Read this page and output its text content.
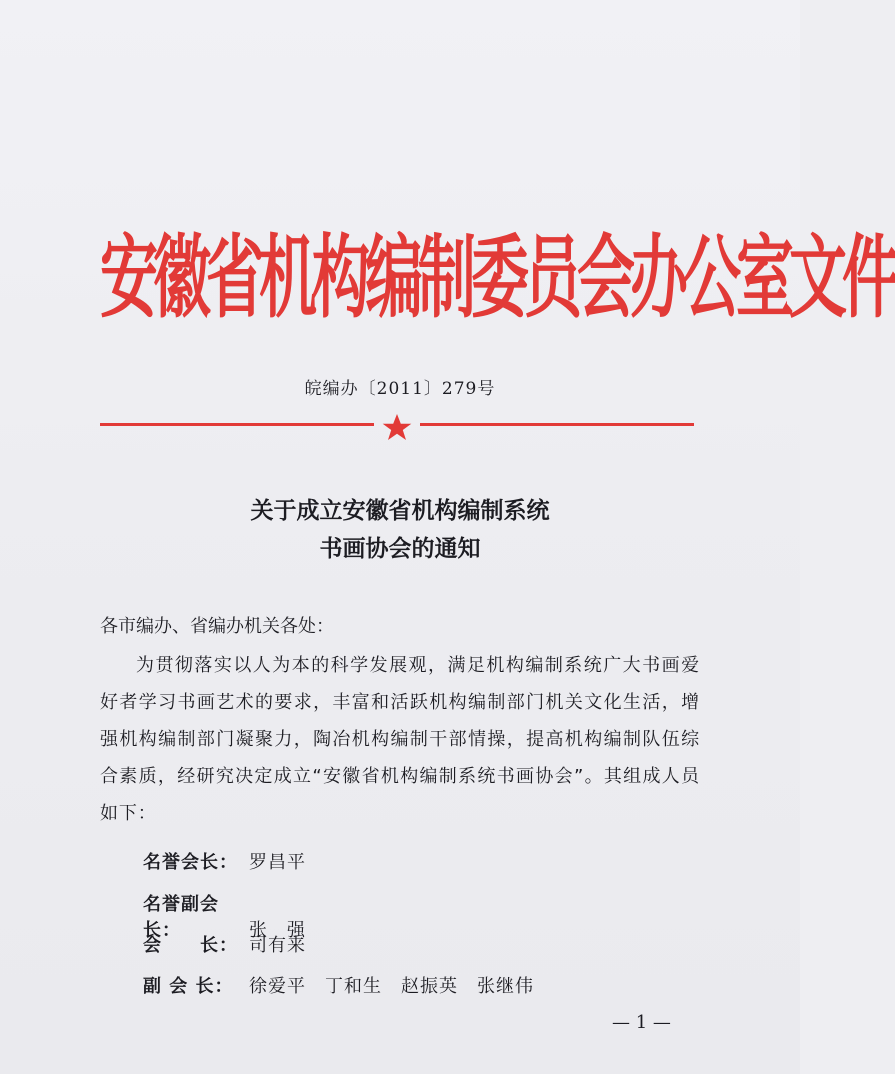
安徽省机构编制委员会办公室文件
皖编办〔2011〕279号
关于成立安徽省机构编制系统
书画协会的通知
各市编办、省编办机关各处：

为贯彻落实以人为本的科学发展观，满足机构编制系统广大书画爱好者学习书画艺术的要求，丰富和活跃机构编制部门机关文化生活，增强机构编制部门凝聚力，陶冶机构编制干部情操，提高机构编制队伍综合素质，经研究决定成立“安徽省机构编制系统书画协会”。其组成人员如下：

名誉会长： 罗昌平
名誉副会长：	张　强
会　　长： 司有来
副 会 长： 徐爱平　丁和生　赵振英　张继伟
— 1 —
